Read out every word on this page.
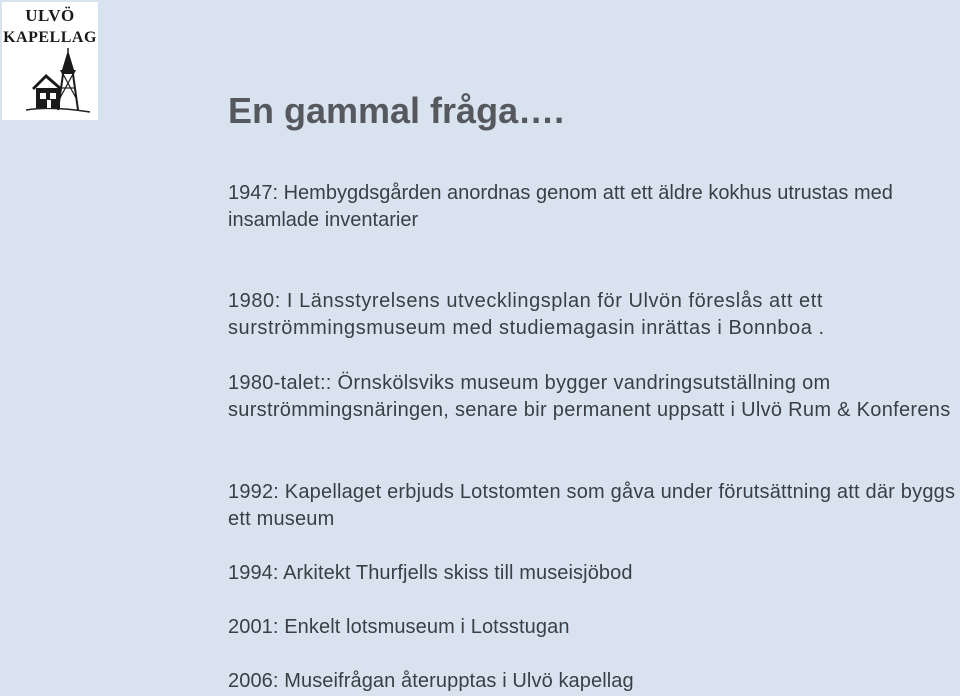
ULVÖ
KAPELLAG
En gammal fråga….
1947: Hembygdsgården anordnas genom att ett äldre kokhus utrustas med insamlade inventarier
1980: I Länsstyrelsens utvecklingsplan för Ulvön föreslås att ett surströmmingsmuseum med studiemagasin inrättas i Bonnboa .
1980-talet:: Örnskölsviks museum bygger vandringsutställning om surströmmingsnäringen, senare bir permanent uppsatt i Ulvö Rum & Konferens
1992: Kapellaget erbjuds Lotstomten som gåva under förutsättning att där byggs ett museum
1994: Arkitekt Thurfjells skiss till museisjöbod
2001: Enkelt lotsmuseum i Lotsstugan
2006: Museifrågan återupptas i Ulvö kapellag
